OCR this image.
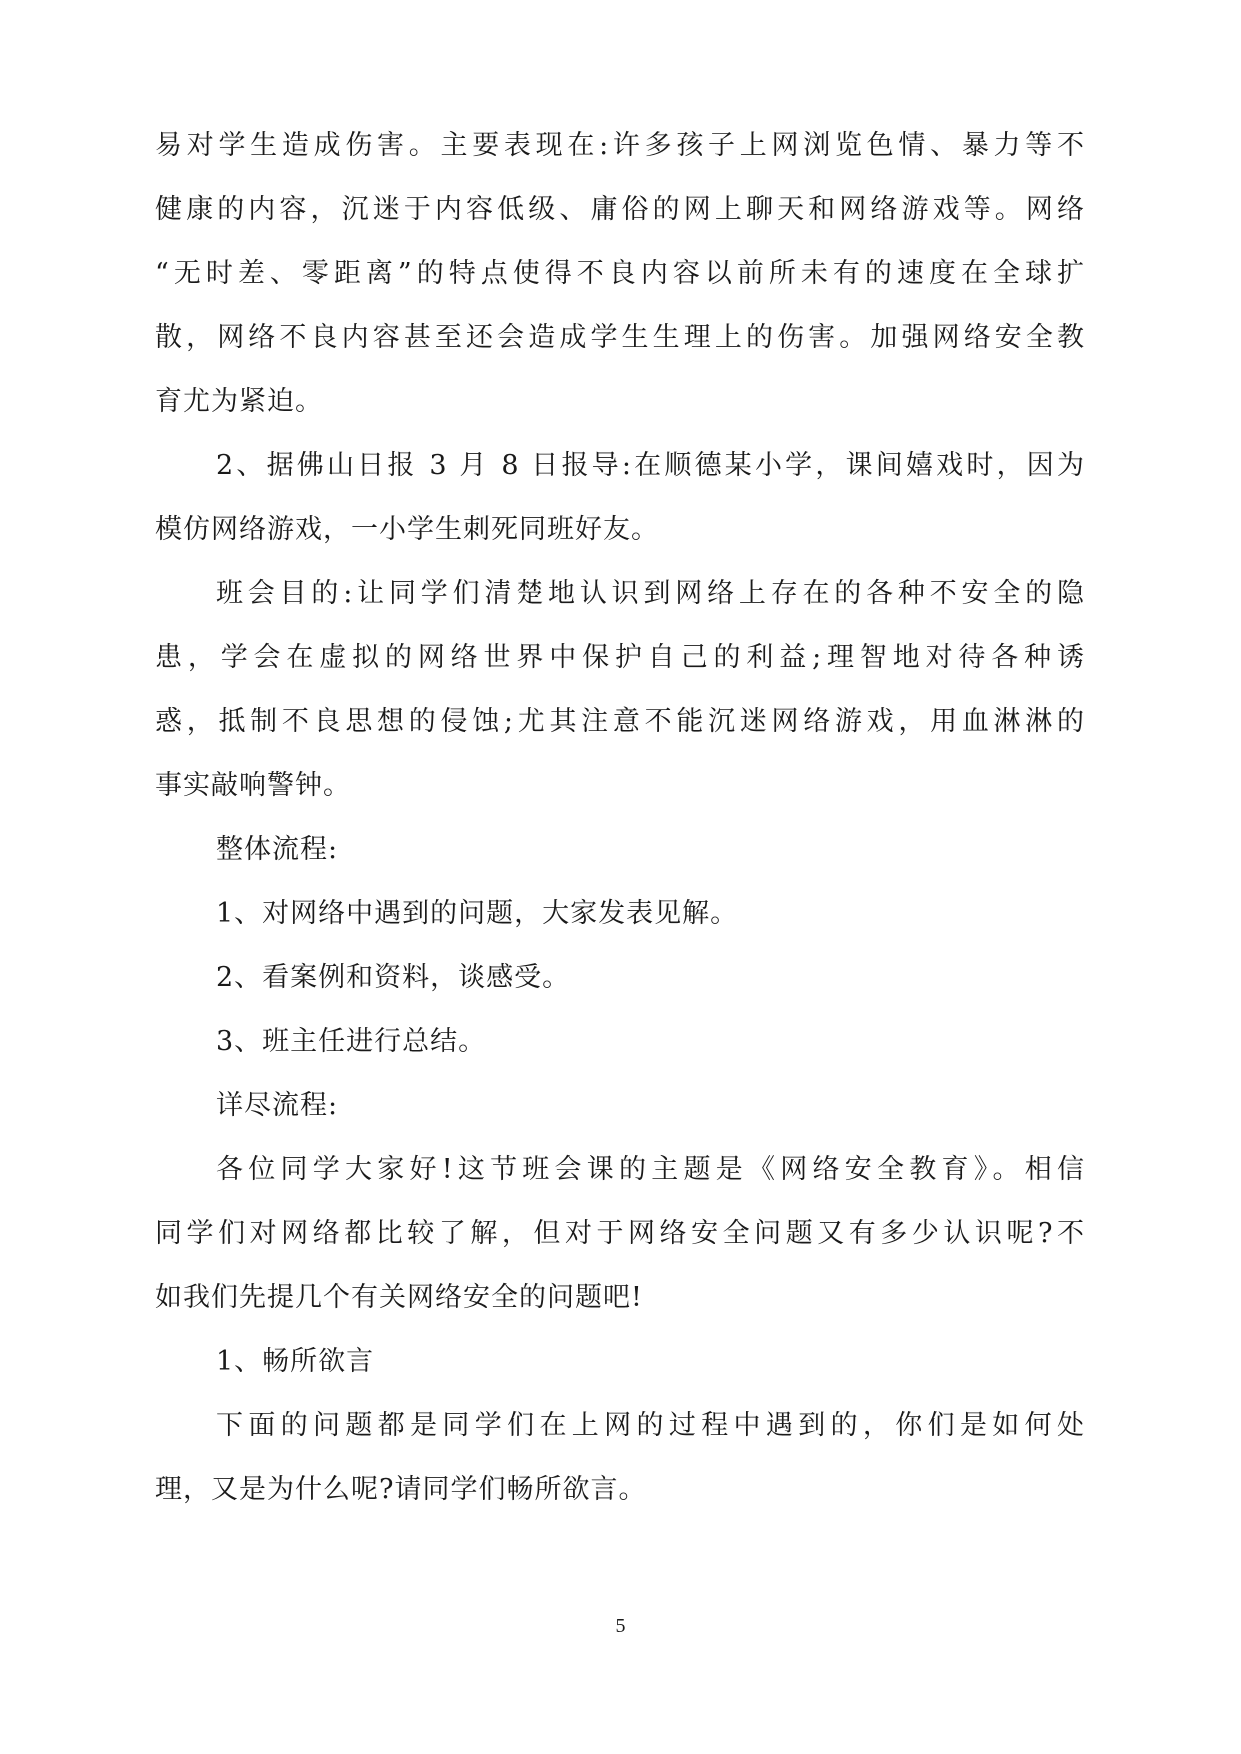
易对学生造成伤害。主要表现在:许多孩子上网浏览色情、暴力等不
健康的内容，沉迷于内容低级、庸俗的网上聊天和网络游戏等。网络
“无时差、零距离”的特点使得不良内容以前所未有的速度在全球扩
散，网络不良内容甚至还会造成学生生理上的伤害。加强网络安全教
育尤为紧迫。
2、据佛山日报 3 月 8 日报导:在顺德某小学，课间嬉戏时，因为
模仿网络游戏，一小学生刺死同班好友。
班会目的:让同学们清楚地认识到网络上存在的各种不安全的隐
患，学会在虚拟的网络世界中保护自己的利益;理智地对待各种诱
惑，抵制不良思想的侵蚀;尤其注意不能沉迷网络游戏，用血淋淋的
事实敲响警钟。
整体流程:
1、对网络中遇到的问题，大家发表见解。
2、看案例和资料，谈感受。
3、班主任进行总结。
详尽流程:
各位同学大家好!这节班会课的主题是《网络安全教育》。相信
同学们对网络都比较了解，但对于网络安全问题又有多少认识呢?不
如我们先提几个有关网络安全的问题吧!
1、畅所欲言
下面的问题都是同学们在上网的过程中遇到的，你们是如何处
理，又是为什么呢?请同学们畅所欲言。
5
